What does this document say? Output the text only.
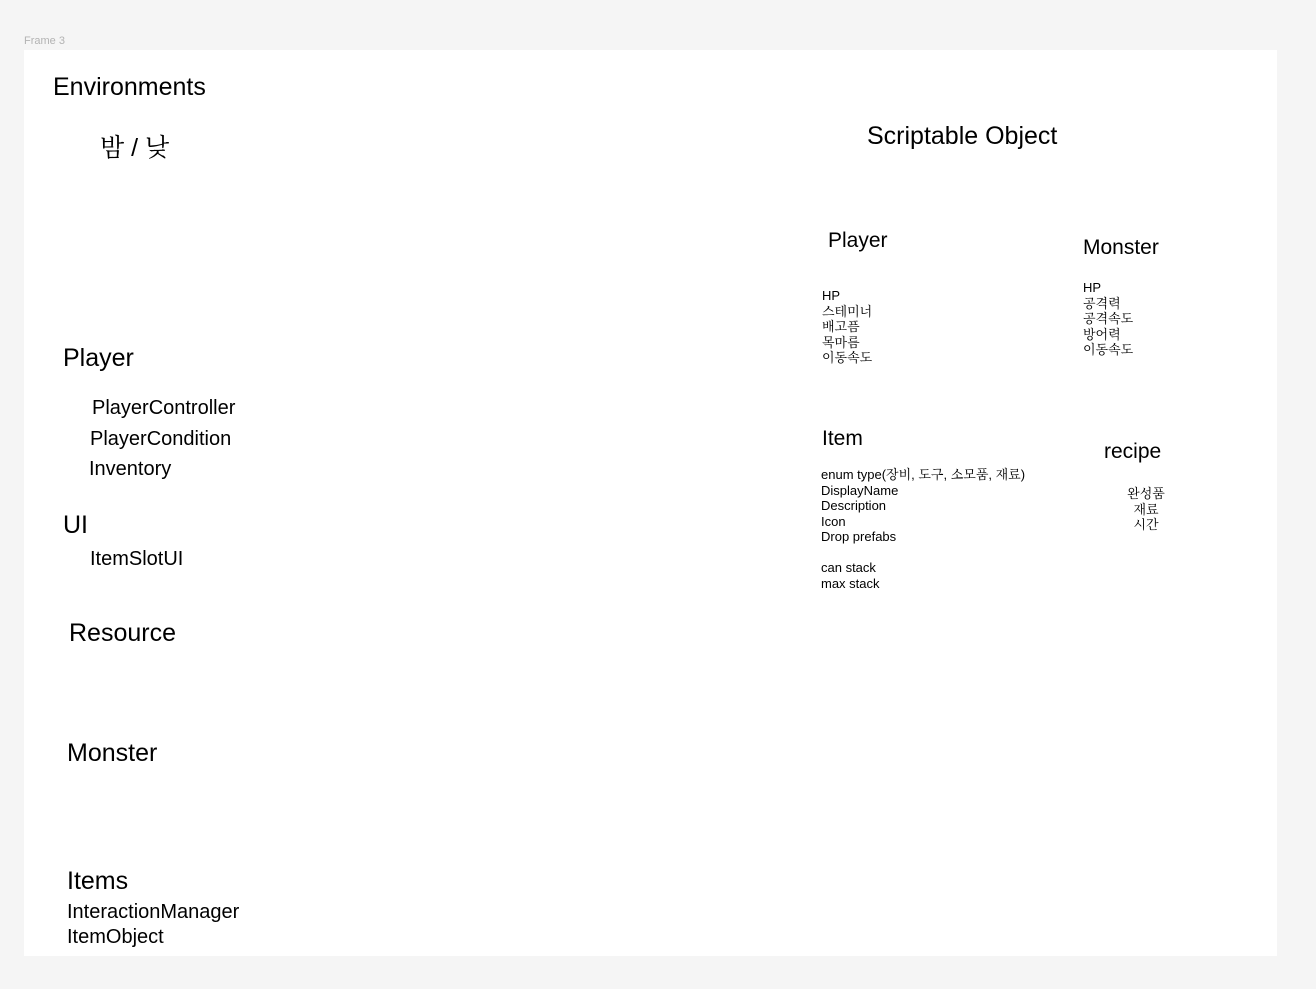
Frame 3
Environments
밤 / 낮
Player
PlayerController
PlayerCondition
Inventory
UI
ItemSlotUI
Resource
Monster
Items
InteractionManager
ItemObject
Scriptable Object
Player
HP
스테미너
배고픔
목마름
이동속도
Monster
HP
공격력
공격속도
방어력
이동속도
Item
enum type(장비, 도구, 소모품, 재료)
DisplayName
Description
Icon
Drop prefabs
can stack
max stack
recipe
완성품
재료
시간
